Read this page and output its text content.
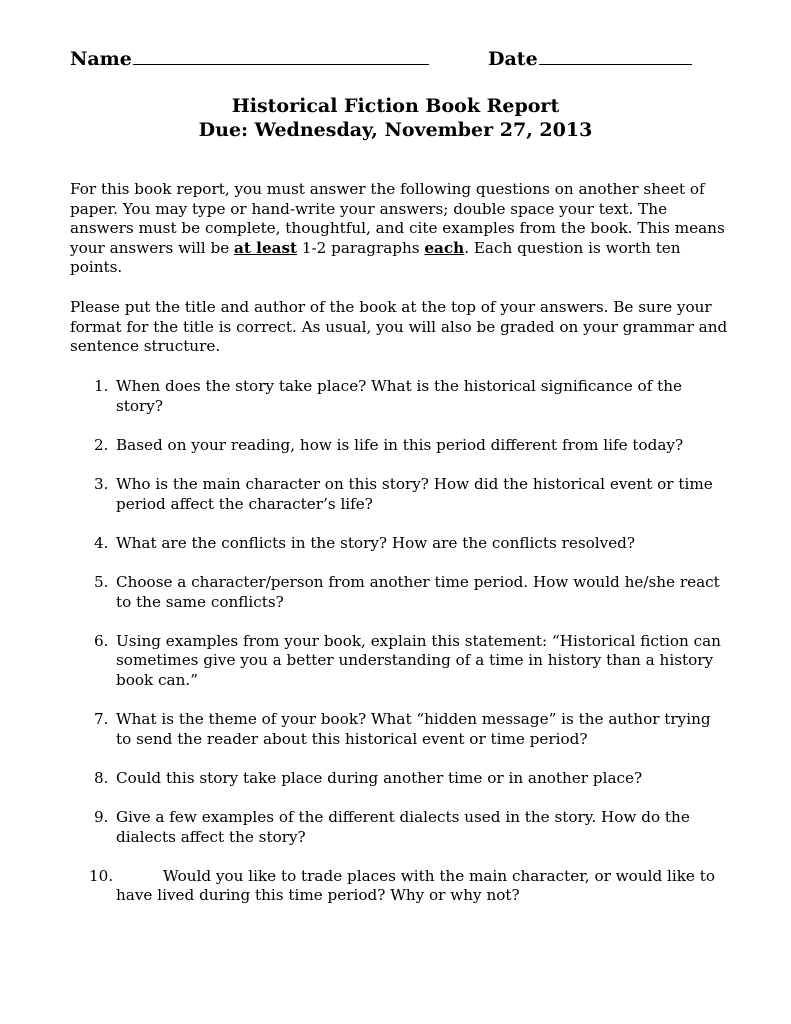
Name	Date
Historical Fiction Book Report
Due: Wednesday, November 27, 2013

For this book report, you must answer the following questions on another sheet of paper. You may type or hand-write your answers; double space your text. The answers must be complete, thoughtful, and cite examples from the book. This means your answers will be at least 1-2 paragraphs each. Each question is worth ten points.

Please put the title and author of the book at the top of your answers. Be sure your format for the title is correct. As usual, you will also be graded on your grammar and sentence structure.

1. When does the story take place? What is the historical significance of the story?
2. Based on your reading, how is life in this period different from life today?
3. Who is the main character on this story? How did the historical event or time period affect the character’s life?
4. What are the conflicts in the story? How are the conflicts resolved?
5. Choose a character/person from another time period. How would he/she react to the same conflicts?
6. Using examples from your book, explain this statement: “Historical fiction can sometimes give you a better understanding of a time in history than a history book can.”
7. What is the theme of your book? What “hidden message” is the author trying to send the reader about this historical event or time period?
8. Could this story take place during another time or in another place?
9. Give a few examples of the different dialects used in the story. How do the dialects affect the story?
10.	Would you like to trade places with the main character, or would like to have lived during this time period? Why or why not?
